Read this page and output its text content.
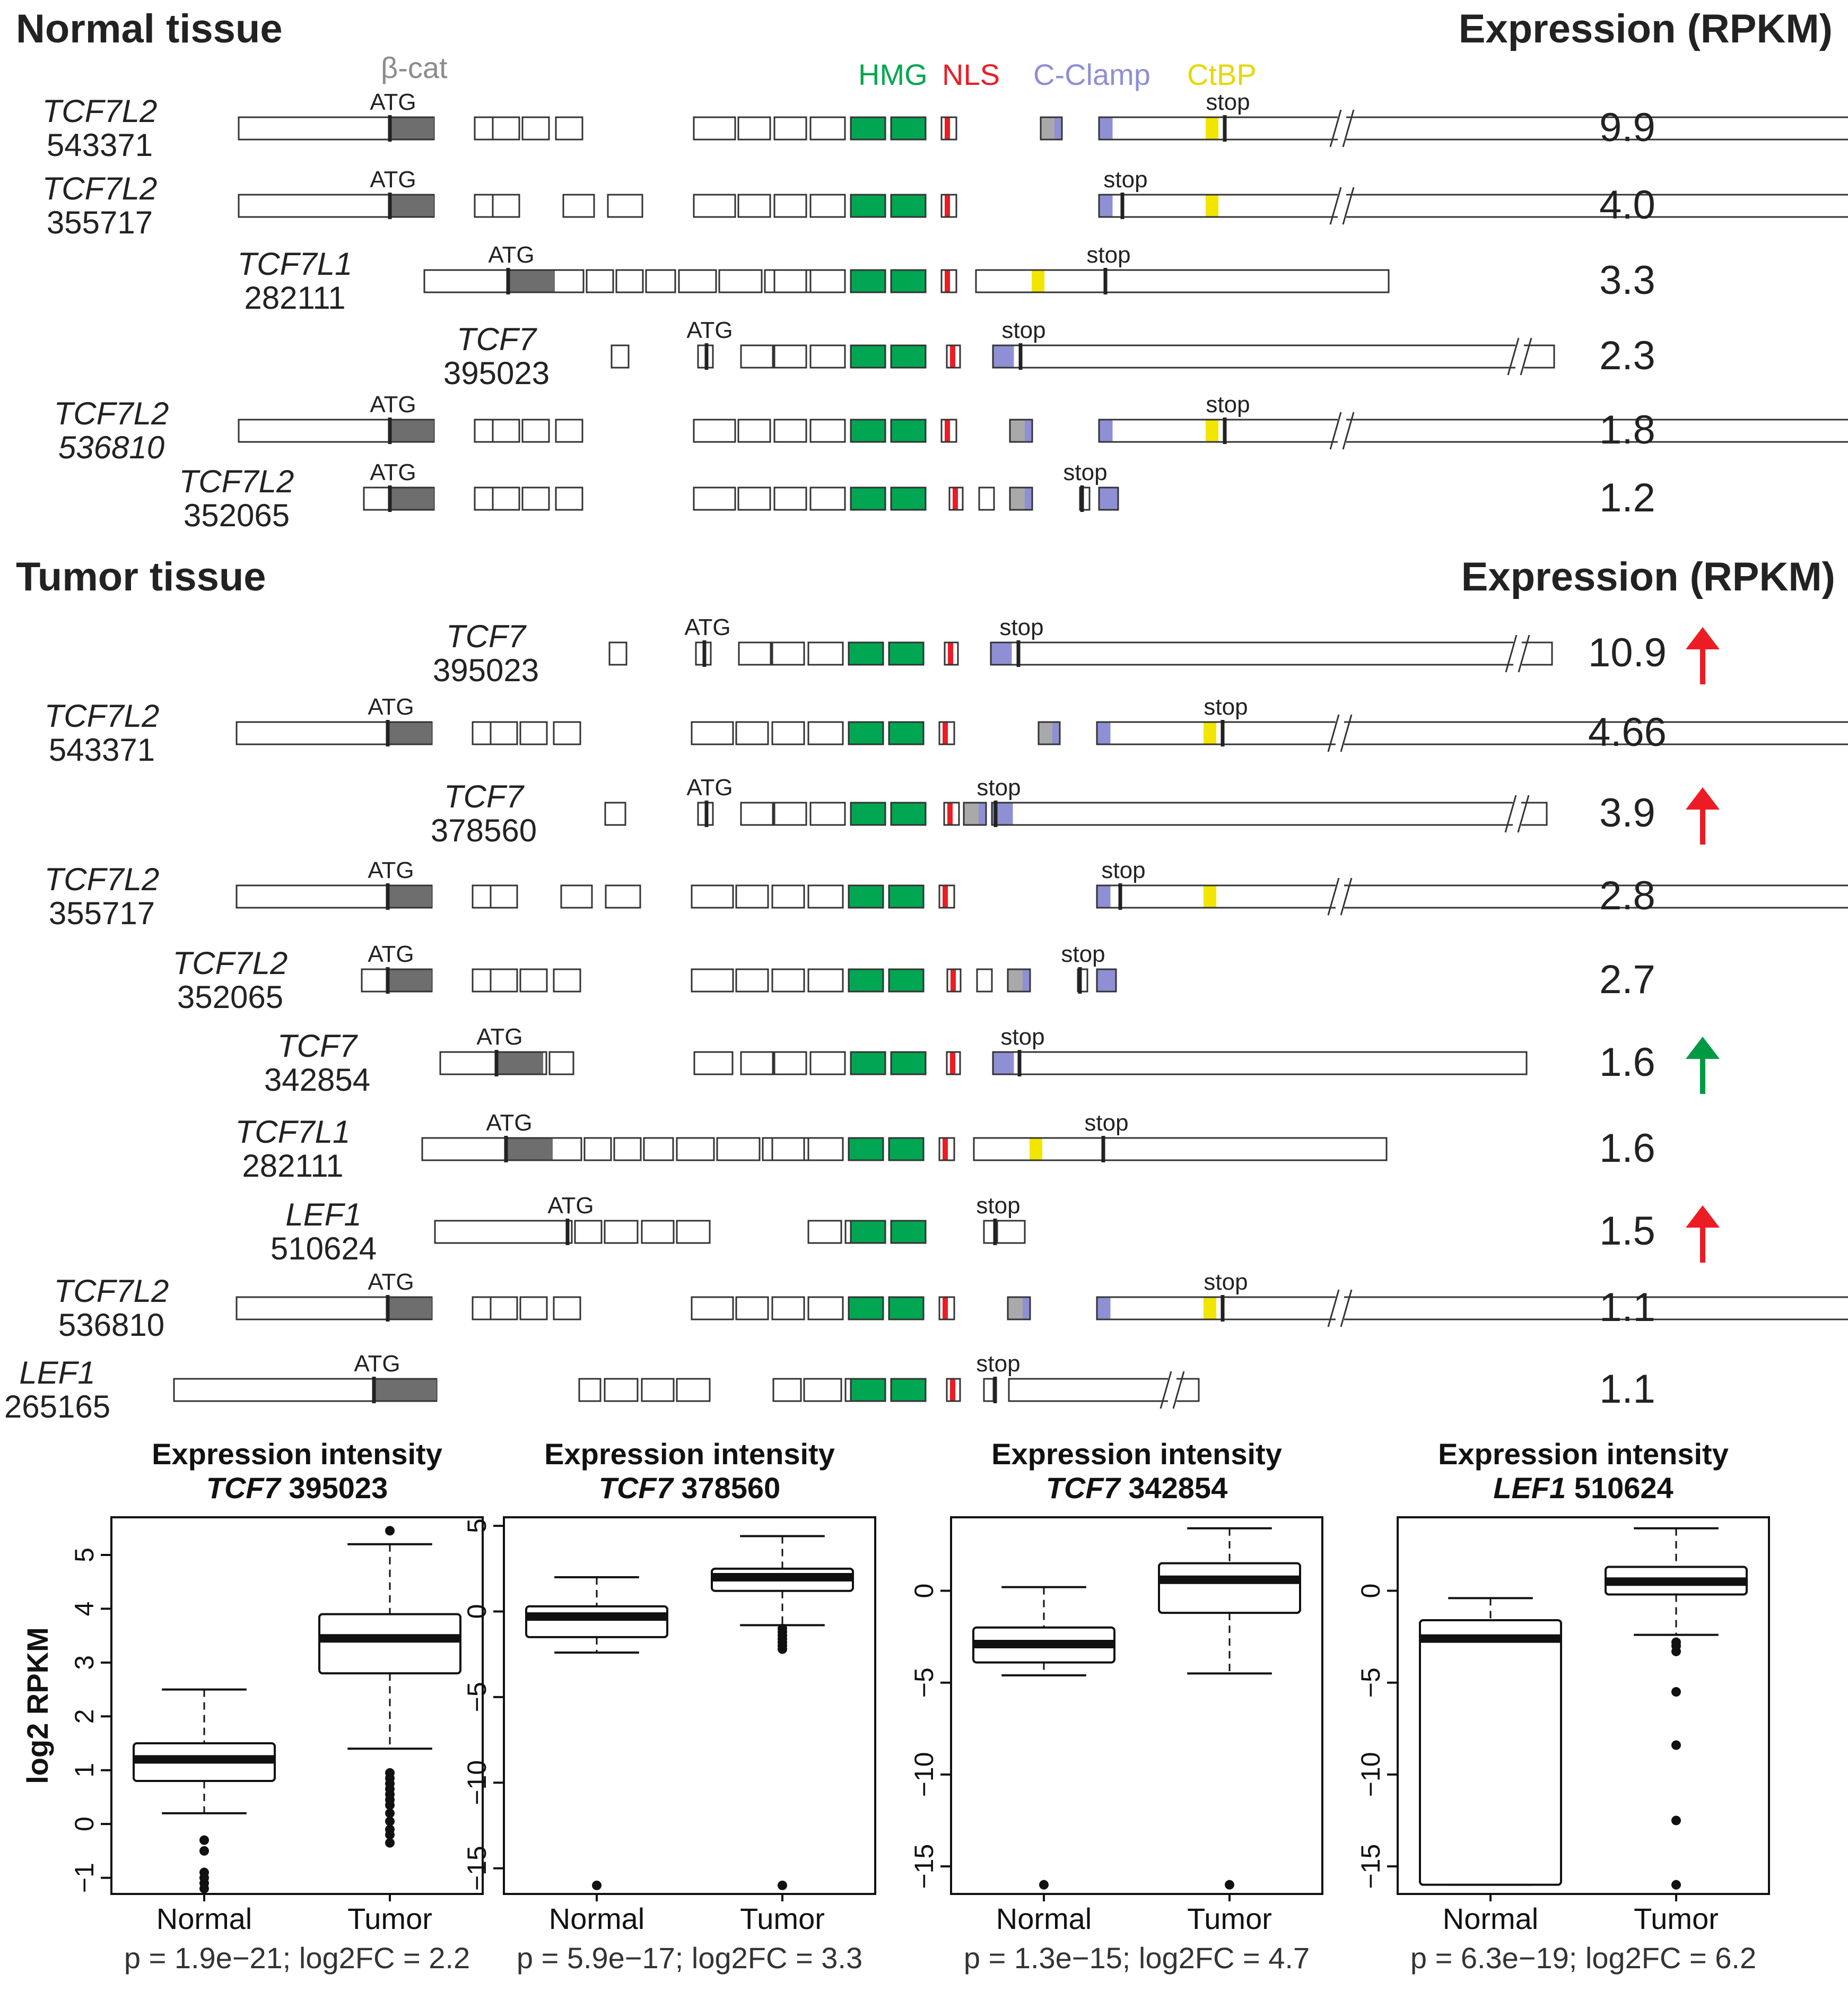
Normal tissue	Expression (RPKM)
β-cat	HMG NLS C-Clamp CtBP
Tumor tissue	Expression (RPKM)
ATG	stop
TCF7L2
543371	9.9
ATG	stop
TCF7L2
355717	4.0
ATG	stop
TCF7L1
282111	3.3
ATG	stop
TCF7
395023	2.3
ATG	stop
TCF7L2
536810	1.8
ATG	stop
TCF7L2
352065	1.2
ATG	stop
TCF7
395023	10.9
ATG	stop
TCF7L2
543371	4.66
ATG	stop
TCF7
378560	3.9
ATG	stop
TCF7L2
355717	2.8
ATG	stop
TCF7L2
352065	2.7
ATG	stop
TCF7
342854	1.6
ATG	stop
TCF7L1
282111	1.6
ATG	stop
LEF1
510624	1.5
ATG	stop
TCF7L2
536810	1.1
ATG	stop
LEF1
265165	1.1
Expression intensity
TCF7 395023
−1
0
1
2
3
4
5
log2 RPKM
Normal	Tumor
p = 1.9e−21; log2FC = 2.2
Expression intensity
TCF7 378560
5
0
−5
−10
−15
Normal	Tumor
p = 5.9e−17; log2FC = 3.3
Expression intensity
TCF7 342854
0
−5
−10
−15
Normal	Tumor
p = 1.3e−15; log2FC = 4.7
Expression intensity
LEF1 510624
0
−5
−10
−15
Normal	Tumor
p = 6.3e−19; log2FC = 6.2
